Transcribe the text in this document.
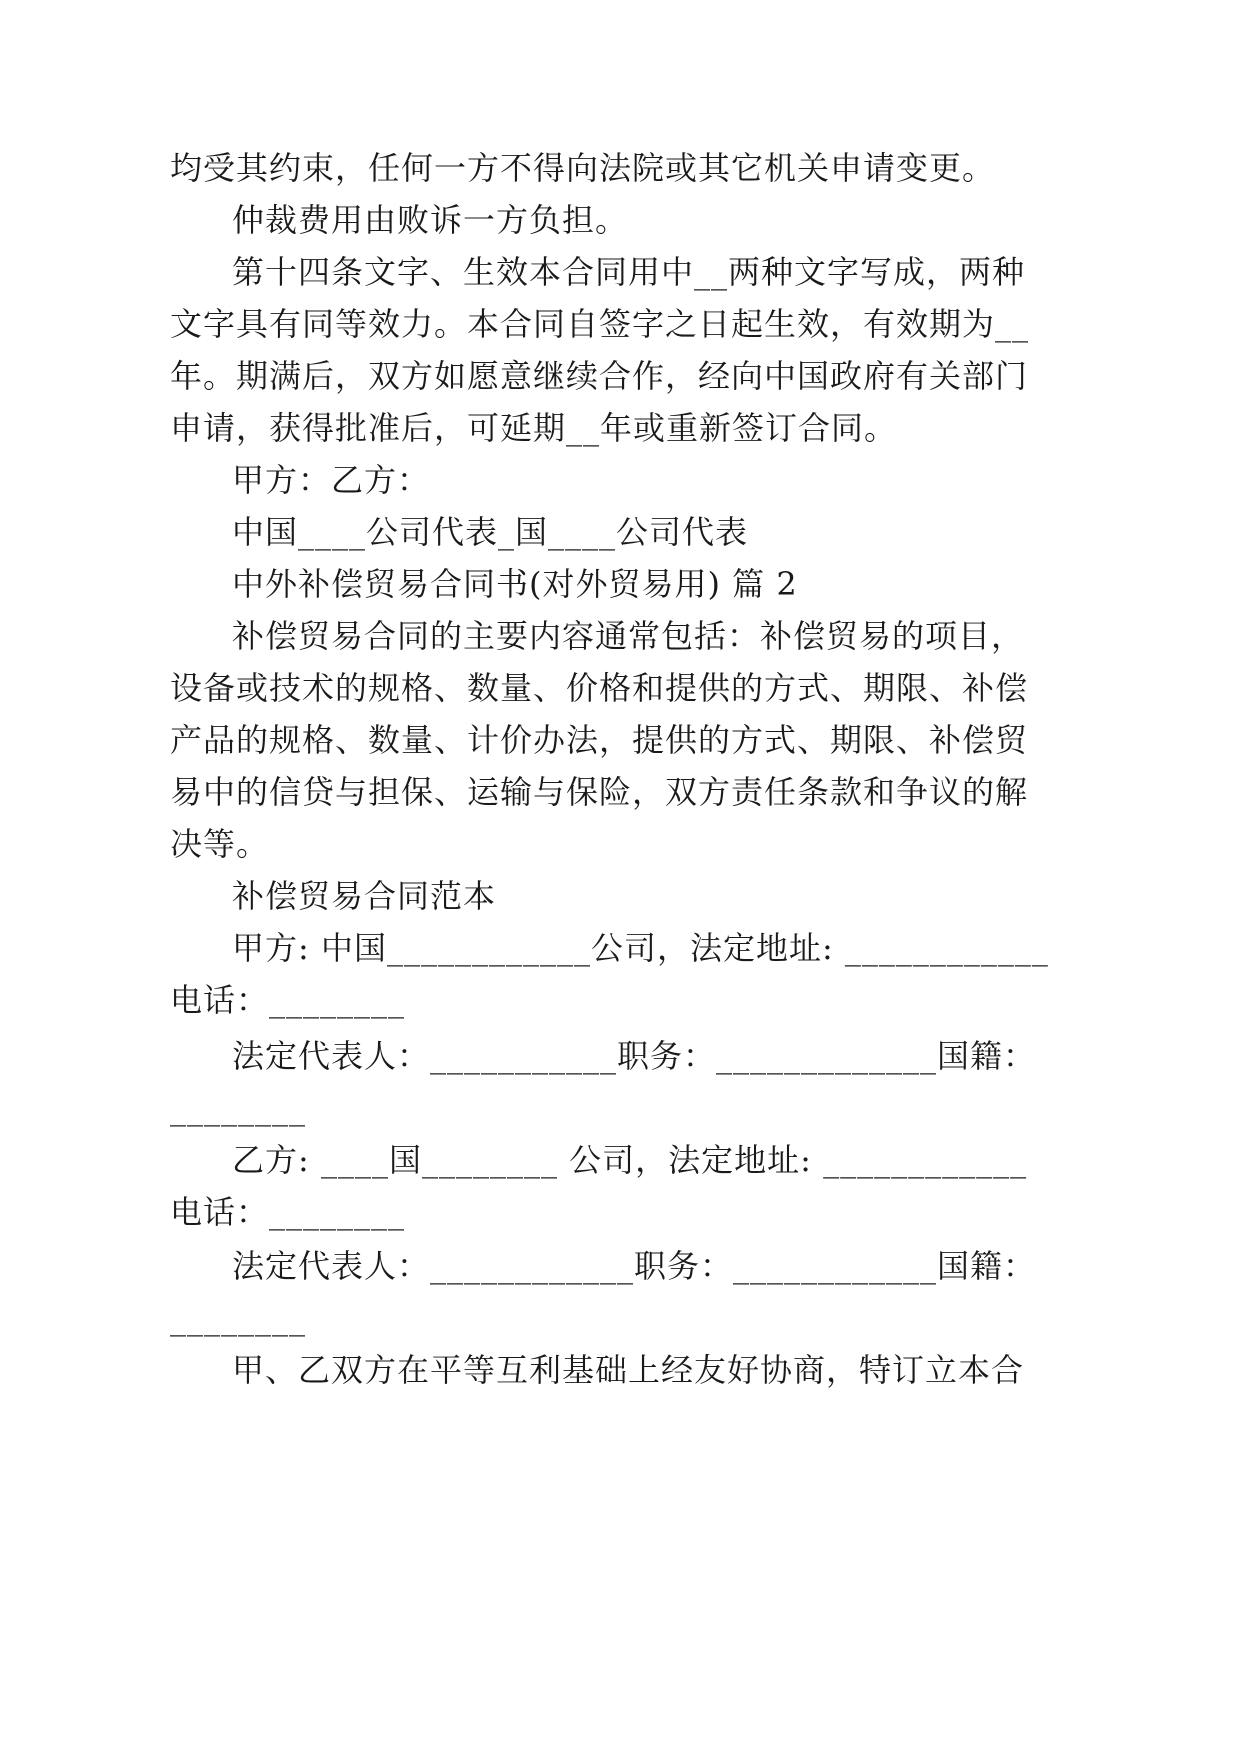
均受其约束，任何一方不得向法院或其它机关申请变更。
仲裁费用由败诉一方负担。
第十四条文字、生效本合同用中__两种文字写成，两种
文字具有同等效力。本合同自签字之日起生效，有效期为__
年。期满后，双方如愿意继续合作，经向中国政府有关部门
申请，获得批准后，可延期__年或重新签订合同。
甲方：乙方：
中国____公司代表_国____公司代表
中外补偿贸易合同书(对外贸易用) 篇 2
补偿贸易合同的主要内容通常包括：补偿贸易的项目，
设备或技术的规格、数量、价格和提供的方式、期限、补偿
产品的规格、数量、计价办法，提供的方式、期限、补偿贸
易中的信贷与担保、运输与保险，双方责任条款和争议的解
决等。
补偿贸易合同范本
甲方: 中国____________公司，法定地址: ____________
电话：________
法定代表人：___________职务：_____________国籍：
________
乙方: ____国________ 公司，法定地址: ____________
电话：________
法定代表人：____________职务：____________国籍：
________
甲、乙双方在平等互利基础上经友好协商，特订立本合
